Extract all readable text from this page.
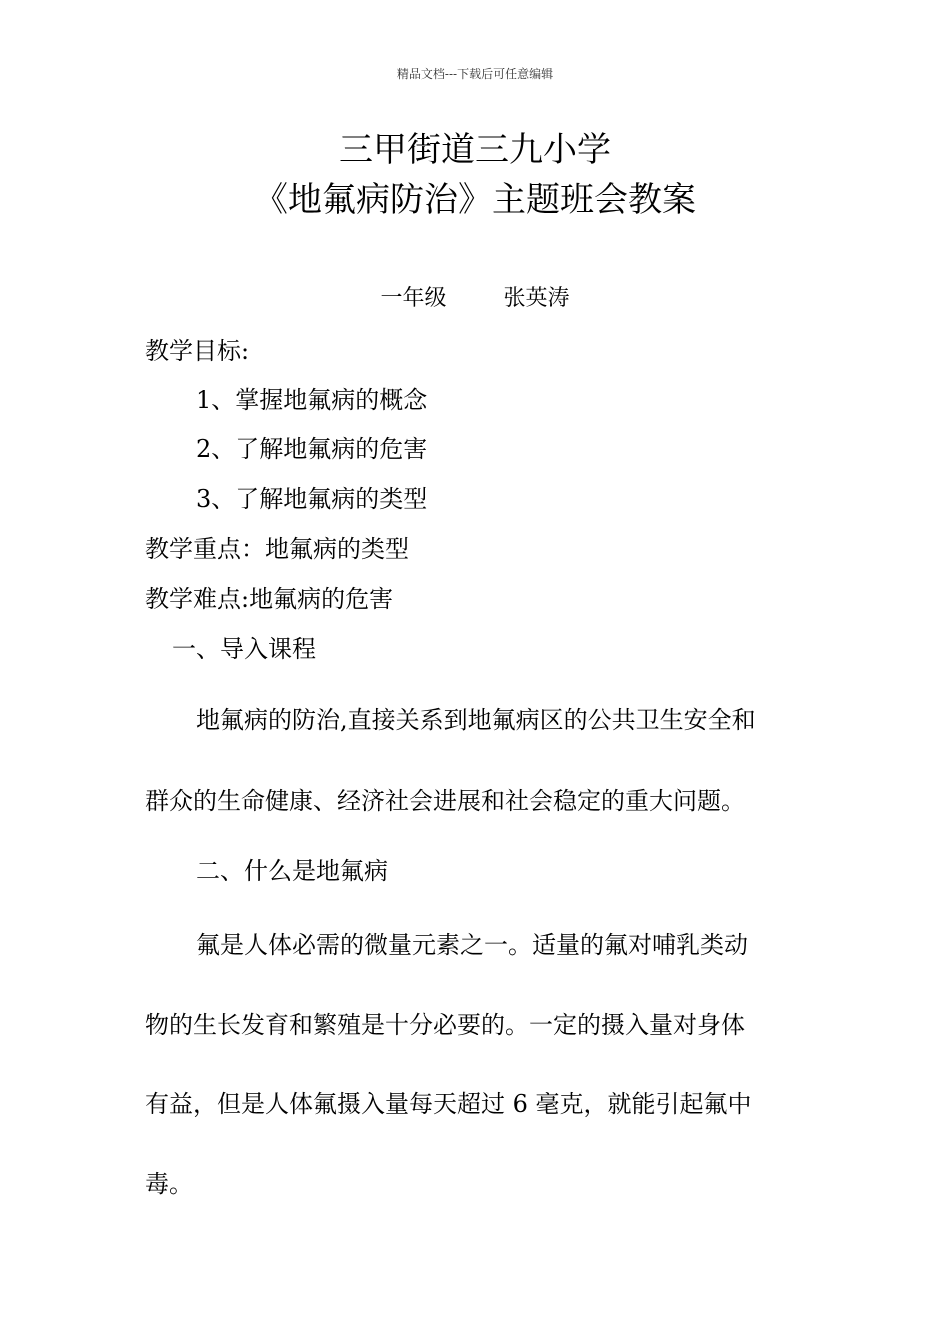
精品文档---下载后可任意编辑
三甲街道三九小学
《地氟病防治》主题班会教案
一年级	张英涛
教学目标:
1、掌握地氟病的概念
2、了解地氟病的危害
3、了解地氟病的类型
教学重点：地氟病的类型
教学难点:地氟病的危害
一、导入课程
地氟病的防治,直接关系到地氟病区的公共卫生安全和
群众的生命健康、经济社会进展和社会稳定的重大问题。
二、什么是地氟病
氟是人体必需的微量元素之一。适量的氟对哺乳类动
物的生长发育和繁殖是十分必要的。一定的摄入量对身体
有益，但是人体氟摄入量每天超过 6 毫克，就能引起氟中
毒。
